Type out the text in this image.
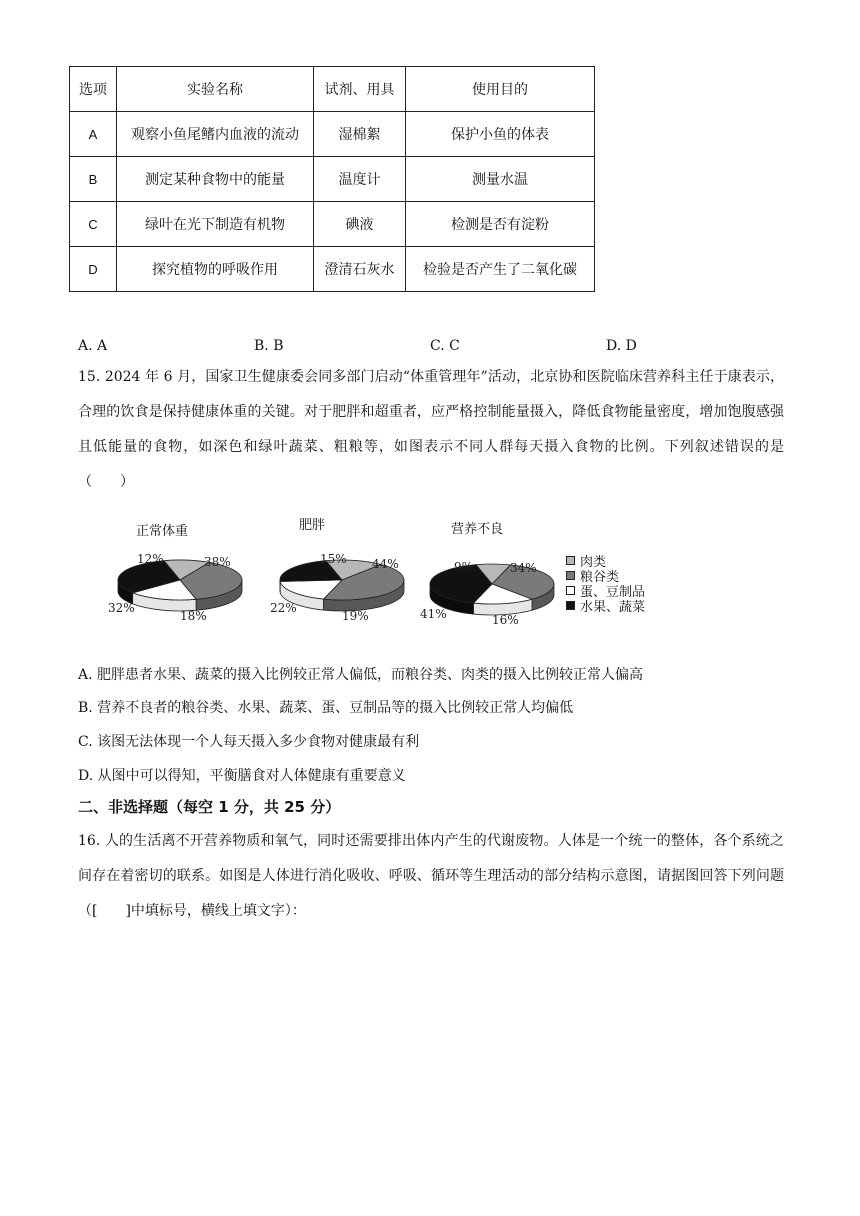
选项	实验名称	试剂、用具	使用目的
A	观察小鱼尾鳍内血液的流动	湿棉絮	保护小鱼的体表
B	测定某种食物中的能量	温度计	测量水温
C	绿叶在光下制造有机物	碘液	检测是否有淀粉
D	探究植物的呼吸作用	澄清石灰水	检验是否产生了二氧化碳
A. A	B. B	C. C	D. D
15. 2024 年 6 月，国家卫生健康委会同多部门启动“体重管理年”活动，北京协和医院临床营养科主任于康表示，合理的饮食是保持健康体重的关键。对于肥胖和超重者，应严格控制能量摄入，降低食物能量密度，增加饱腹感强且低能量的食物，如深色和绿叶蔬菜、粗粮等，如图表示不同人群每天摄入食物的比例。下列叙述错误的是（　　）
正常体重	肥胖	营养不良
12%	38%
18%
32%
15% 44%
19%
22%
9%	34%
16%
41%
肉类
粮谷类
蛋、豆制品
水果、蔬菜
A. 肥胖患者水果、蔬菜的摄入比例较正常人偏低，而粮谷类、肉类的摄入比例较正常人偏高
B. 营养不良者的粮谷类、水果、蔬菜、蛋、豆制品等的摄入比例较正常人均偏低
C. 该图无法体现一个人每天摄入多少食物对健康最有利
D. 从图中可以得知，平衡膳食对人体健康有重要意义
二、非选择题（每空 1 分，共 25 分）
16. 人的生活离不开营养物质和氧气，同时还需要排出体内产生的代谢废物。人体是一个统一的整体，各个系统之间存在着密切的联系。如图是人体进行消化吸收、呼吸、循环等生理活动的部分结构示意图，请据图回答下列问题（[　　]中填标号，横线上填文字）：
